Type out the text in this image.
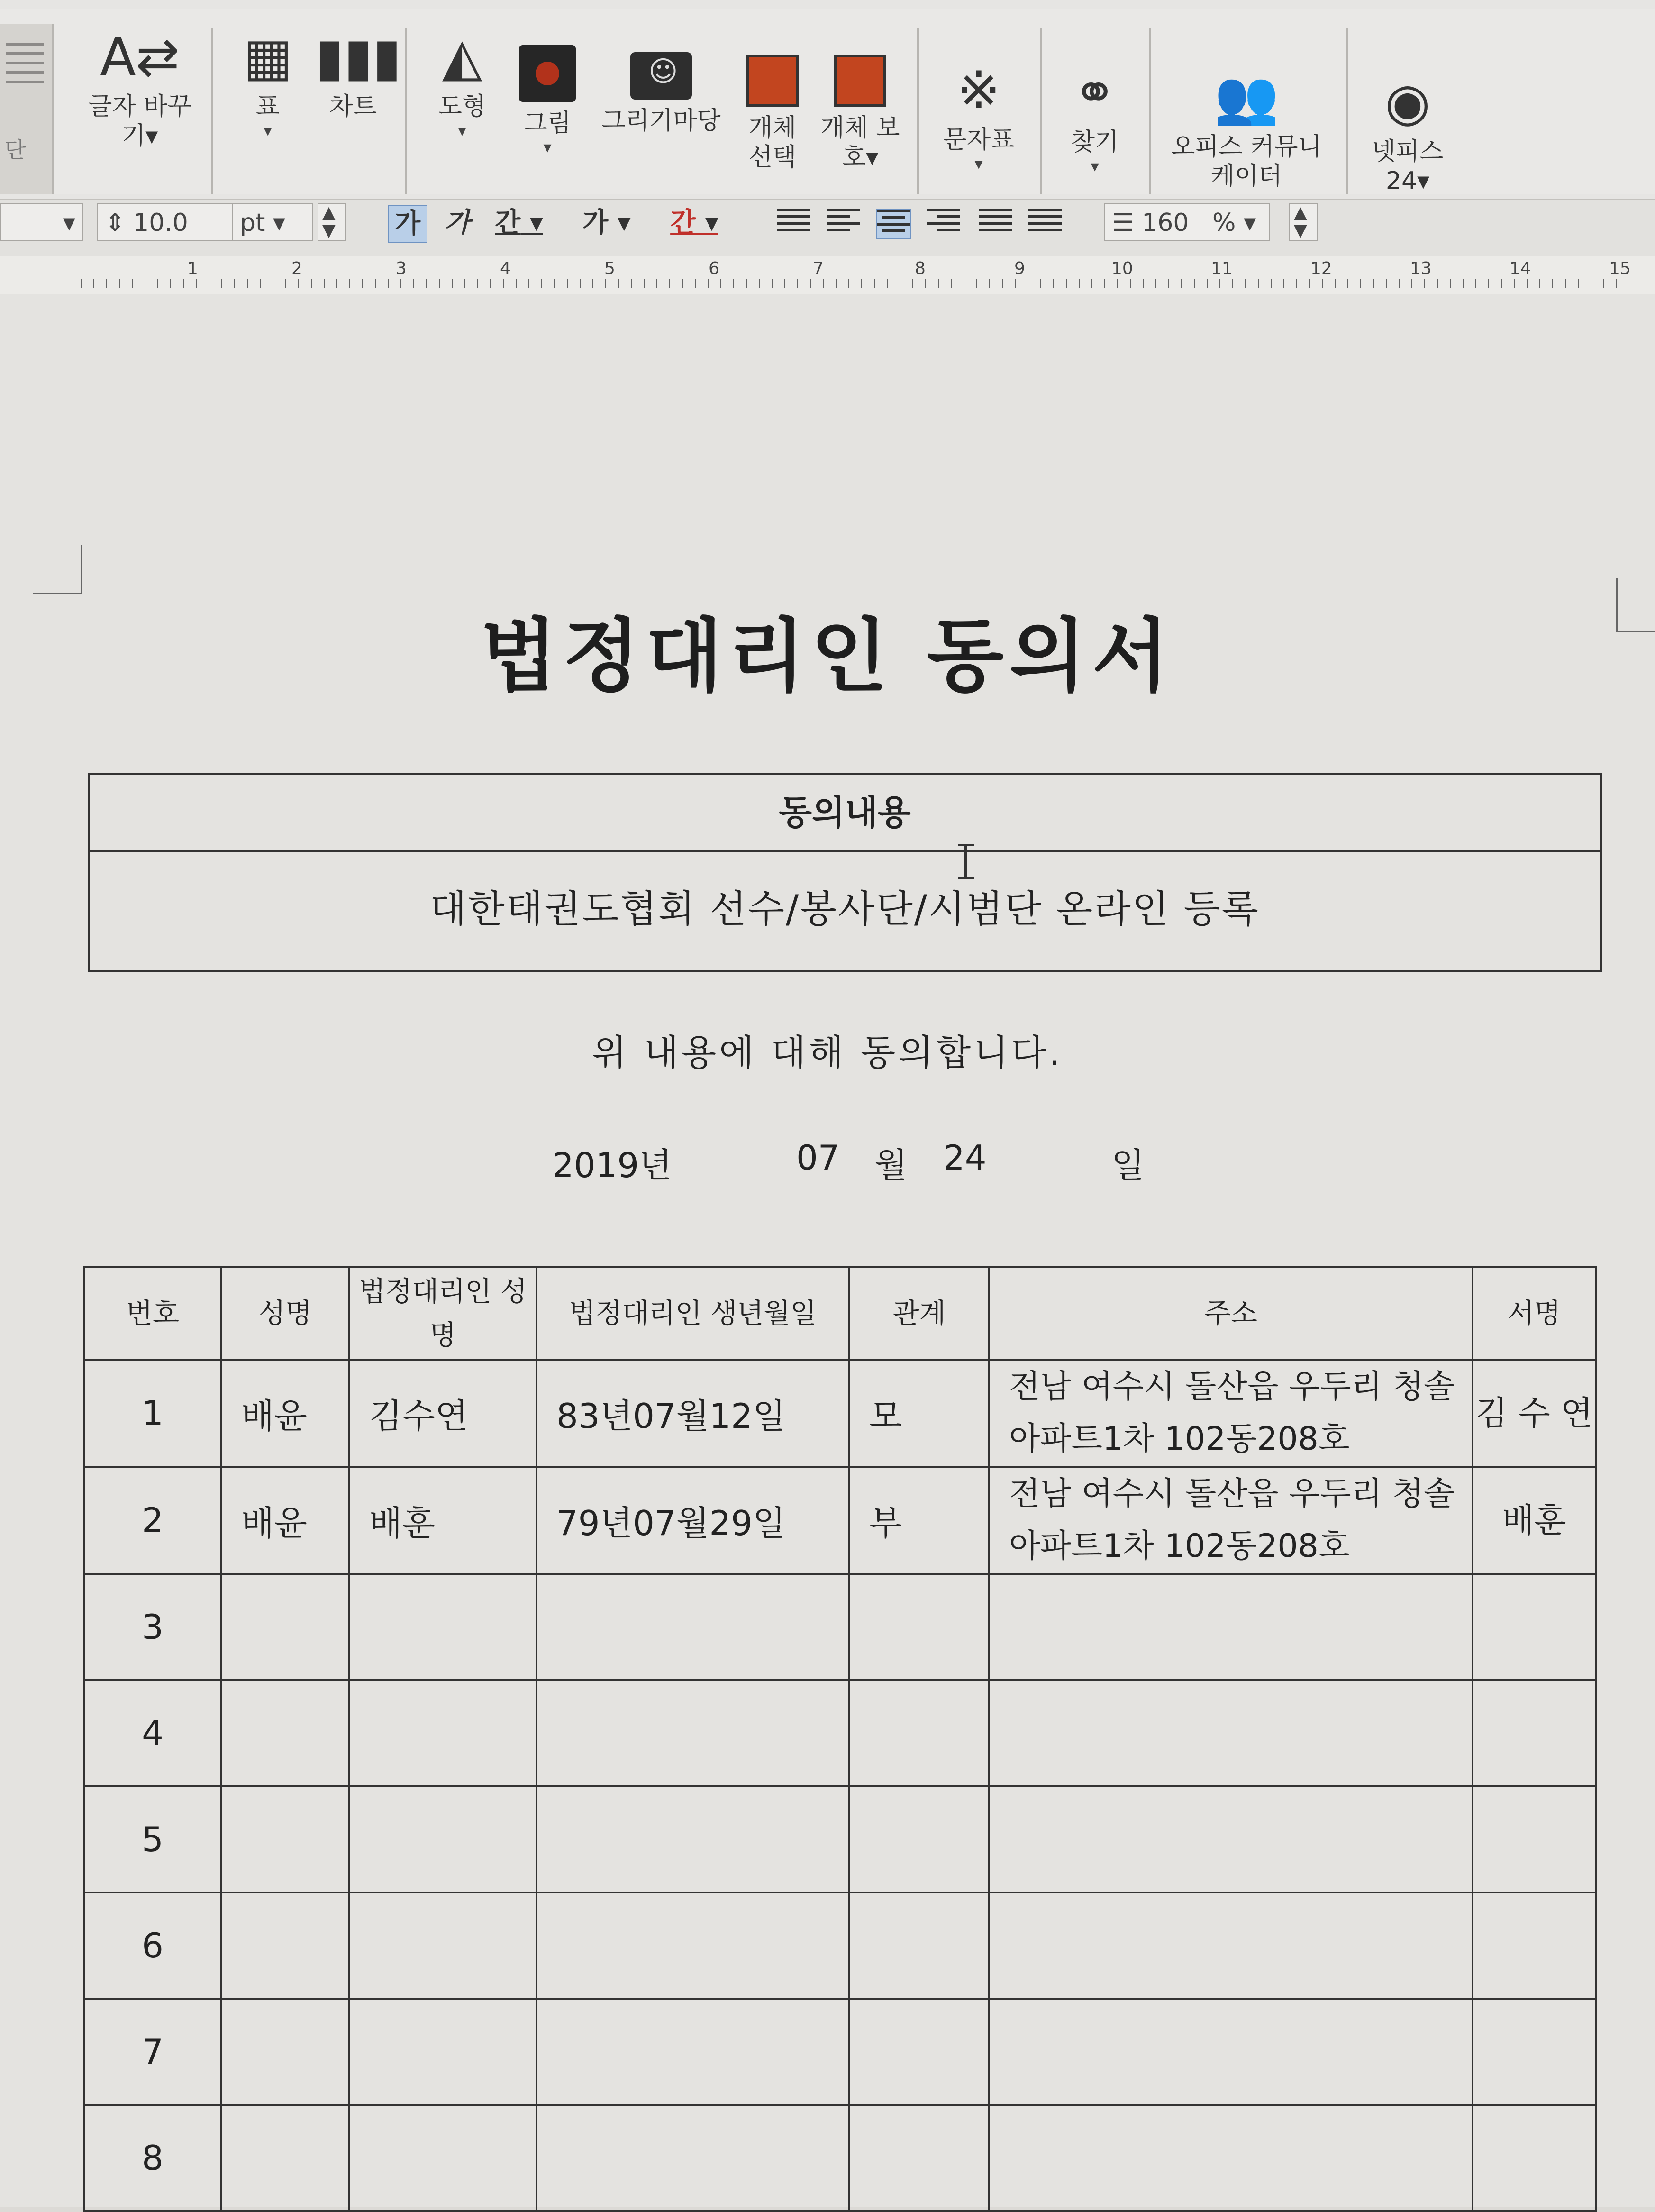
단
A⇄
글자 바꾸기▾
▦
표
▾
▮▮▮
차트
◭
도형
▾	그림
▾
☺
그리기마당	개체 선택
개체 보호▾
※
문자표
▾
⚭
찾기
▾
👥
오피스 커뮤니케이터
◉
넷피스 24▾
▾	⇕ 10.0	pt ▾	▲
▼	가 가 간 ▾ 가 ▾ 간 ▾	☰ 160 % ▾	▲
▼
1	2	3	4	5	6	7	8	9	10	11	12	13	14	15
법정대리인 동의서
동의내용
대한태권도협회 선수/봉사단/시범단 온라인 등록
위 내용에 대해 동의합니다.
2019년	07 월 24	일
번호	성명	법정대리인 성명	법정대리인 생년월일	관계	주소	서명
1	배윤	김수연	83년07월12일	모	전남 여수시 돌산읍 우두리 청솔아파트1차 102동208호	김 수 연
2	배윤	배훈	79년07월29일	부	전남 여수시 돌산읍 우두리 청솔아파트1차 102동208호	배훈
3						
4						
5						
6						
7						
8						
